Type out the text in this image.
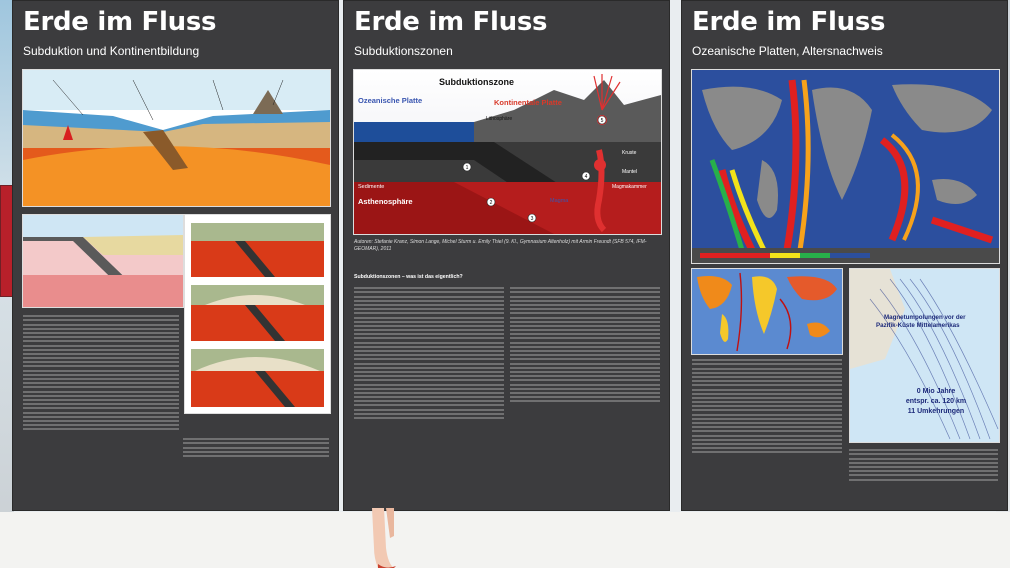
Erde im Fluss
Subduktion und Kontinentbildung
Erde im Fluss
Subduktionszonen
1
2
3
4
5
Subduktionszone
Ozeanische Platte	Kontinentale Platte
Lithosphäre
Kruste
Mantel
Magmakammer
Sedimente
Magma
Asthenosphäre
Autoren: Stefanie Kranz, Simon Lange, Michel Sturm u. Emily Thiel (9. Kl., Gymnasium Altenholz) mit Armin Freundt (SFB 574, IFM-GEOMAR), 2011
Subduktionszonen – was ist das eigentlich?
Erde im Fluss
Ozeanische Platten, Altersnachweis
Magnetumpolungen vor der
Pazifik-Küste Mittelamerikas
0 Mio Jahre
entspr. ca. 120 km
11 Umkehrungen
